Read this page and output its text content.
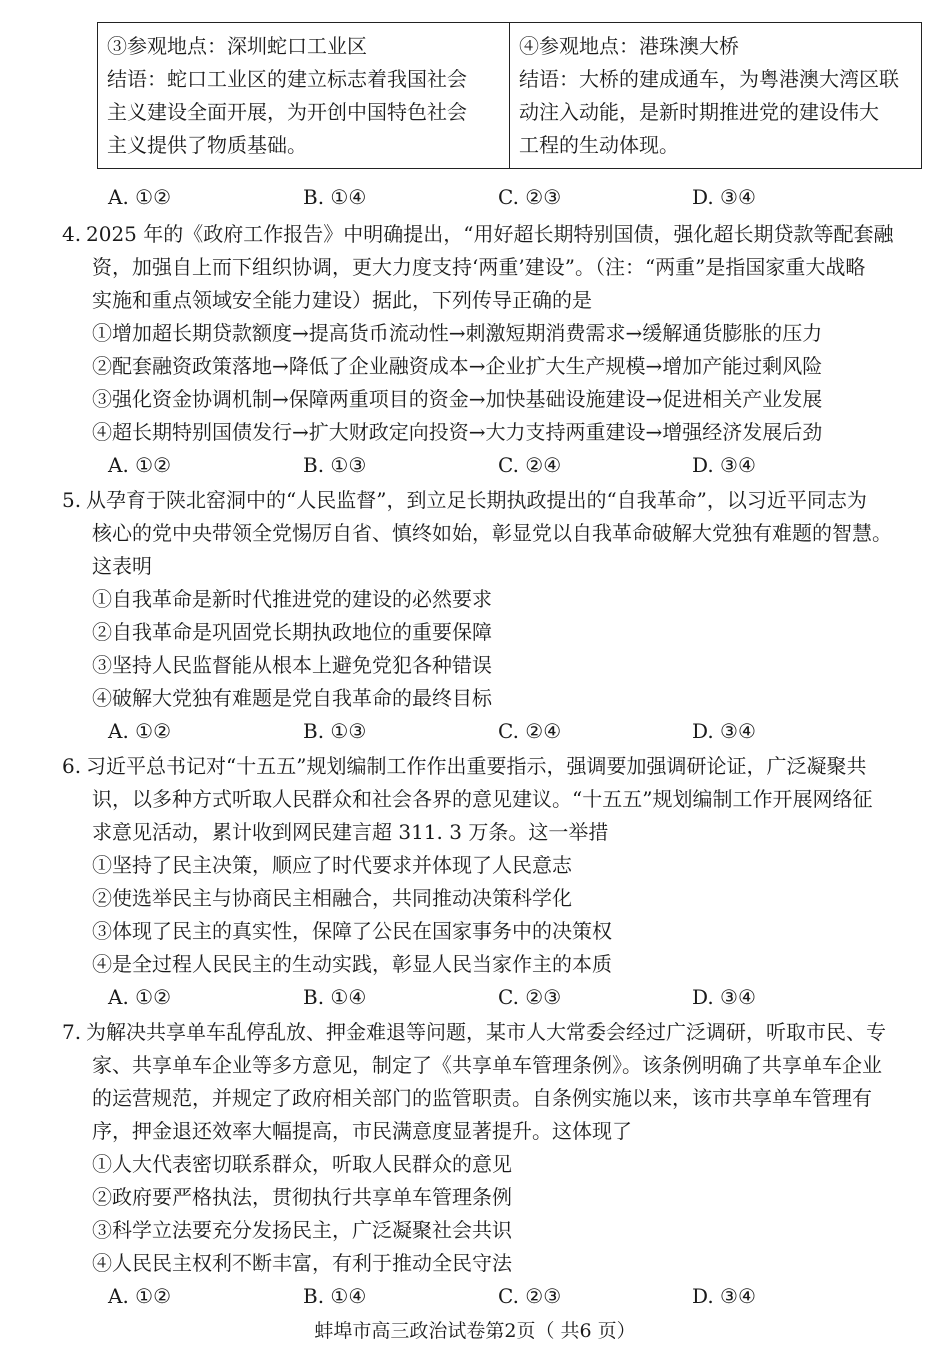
③参观地点：深圳蛇口工业区
结语：蛇口工业区的建立标志着我国社会
主义建设全面开展，为开创中国特色社会
主义提供了物质基础。

④参观地点：港珠澳大桥
结语：大桥的建成通车，为粤港澳大湾区联
动注入动能，是新时期推进党的建设伟大
工程的生动体现。
A. ①②	B. ①④	C. ②③	D. ③④
4. 2025 年的《政府工作报告》中明确提出，“用好超长期特别国债，强化超长期贷款等配套融
资，加强自上而下组织协调，更大力度支持‘两重’建设”。（注：“两重”是指国家重大战略
实施和重点领域安全能力建设）据此，下列传导正确的是
①增加超长期贷款额度→提高货币流动性→刺激短期消费需求→缓解通货膨胀的压力
②配套融资政策落地→降低了企业融资成本→企业扩大生产规模→增加产能过剩风险
③强化资金协调机制→保障两重项目的资金→加快基础设施建设→促进相关产业发展
④超长期特别国债发行→扩大财政定向投资→大力支持两重建设→增强经济发展后劲
A. ①②	B. ①③	C. ②④	D. ③④
5. 从孕育于陕北窑洞中的“人民监督”，到立足长期执政提出的“自我革命”，以习近平同志为
核心的党中央带领全党惕厉自省、慎终如始，彰显党以自我革命破解大党独有难题的智慧。
这表明
①自我革命是新时代推进党的建设的必然要求
②自我革命是巩固党长期执政地位的重要保障
③坚持人民监督能从根本上避免党犯各种错误
④破解大党独有难题是党自我革命的最终目标
A. ①②	B. ①③	C. ②④	D. ③④
6. 习近平总书记对“十五五”规划编制工作作出重要指示，强调要加强调研论证，广泛凝聚共
识，以多种方式听取人民群众和社会各界的意见建议。“十五五”规划编制工作开展网络征
求意见活动，累计收到网民建言超 311. 3 万条。这一举措
①坚持了民主决策，顺应了时代要求并体现了人民意志
②使选举民主与协商民主相融合，共同推动决策科学化
③体现了民主的真实性，保障了公民在国家事务中的决策权
④是全过程人民民主的生动实践，彰显人民当家作主的本质
A. ①②	B. ①④	C. ②③	D. ③④
7. 为解决共享单车乱停乱放、押金难退等问题，某市人大常委会经过广泛调研，听取市民、专
家、共享单车企业等多方意见，制定了《共享单车管理条例》。该条例明确了共享单车企业
的运营规范，并规定了政府相关部门的监管职责。自条例实施以来，该市共享单车管理有
序，押金退还效率大幅提高，市民满意度显著提升。这体现了
①人大代表密切联系群众，听取人民群众的意见
②政府要严格执法，贯彻执行共享单车管理条例
③科学立法要充分发扬民主，广泛凝聚社会共识
④人民民主权利不断丰富，有利于推动全民守法
A. ①②	B. ①④	C. ②③	D. ③④
蚌埠市高三政治试卷第2页（ 共6 页）
